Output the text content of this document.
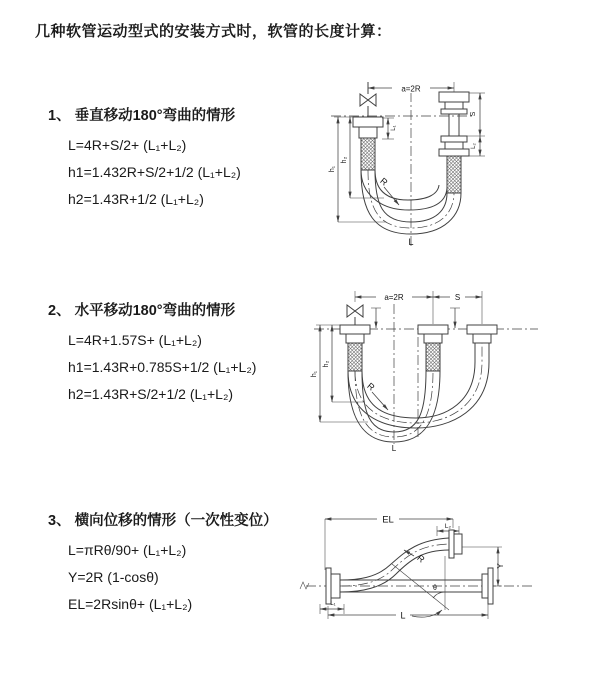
几种软管运动型式的安装方式时，软管的长度计算：
1、 垂直移动180°弯曲的情形
L=4R+S/2+ (L₁+L₂)
h1=1.432R+S/2+1/2 (L₁+L₂)
h2=1.43R+1/2 (L₁+L₂)
a=2R
L₁
S
L₂
h₁
h₂
R
L
2、 水平移动180°弯曲的情形
L=4R+1.57S+ (L₁+L₂)
h1=1.43R+0.785S+1/2 (L₁+L₂)
h2=1.43R+S/2+1/2 (L₁+L₂)
a=2R	S
h₁
h₂
R
L
3、 横向位移的情形（一次性变位）
L=πRθ/90+ (L₁+L₂)
Y=2R (1-cosθ)
EL=2Rsinθ+ (L₁+L₂)
EL
L₂
Y
R
θ
L₁
L
